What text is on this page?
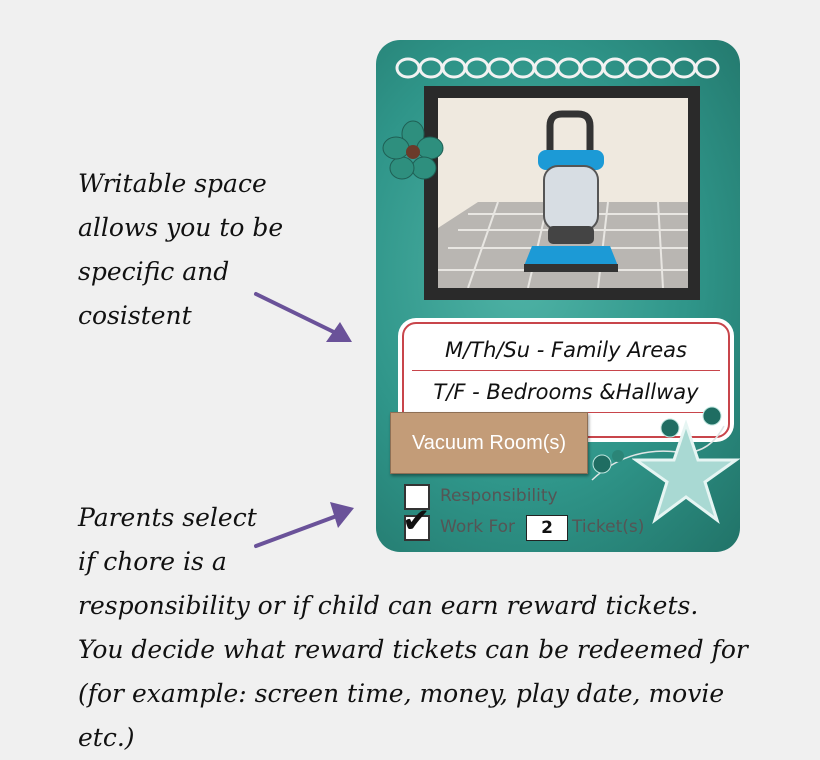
Writable space
allows you to be
specific and
cosistent
Parents select
if chore is a
responsibility or if child can earn reward tickets.
You decide what reward tickets can be redeemed for
(for example: screen time, money, play date, movie etc.)
M/Th/Su - Family Areas
T/F - Bedrooms &Hallway
Vacuum Room(s)
Responsibility
✔ Work For	2	Ticket(s)
